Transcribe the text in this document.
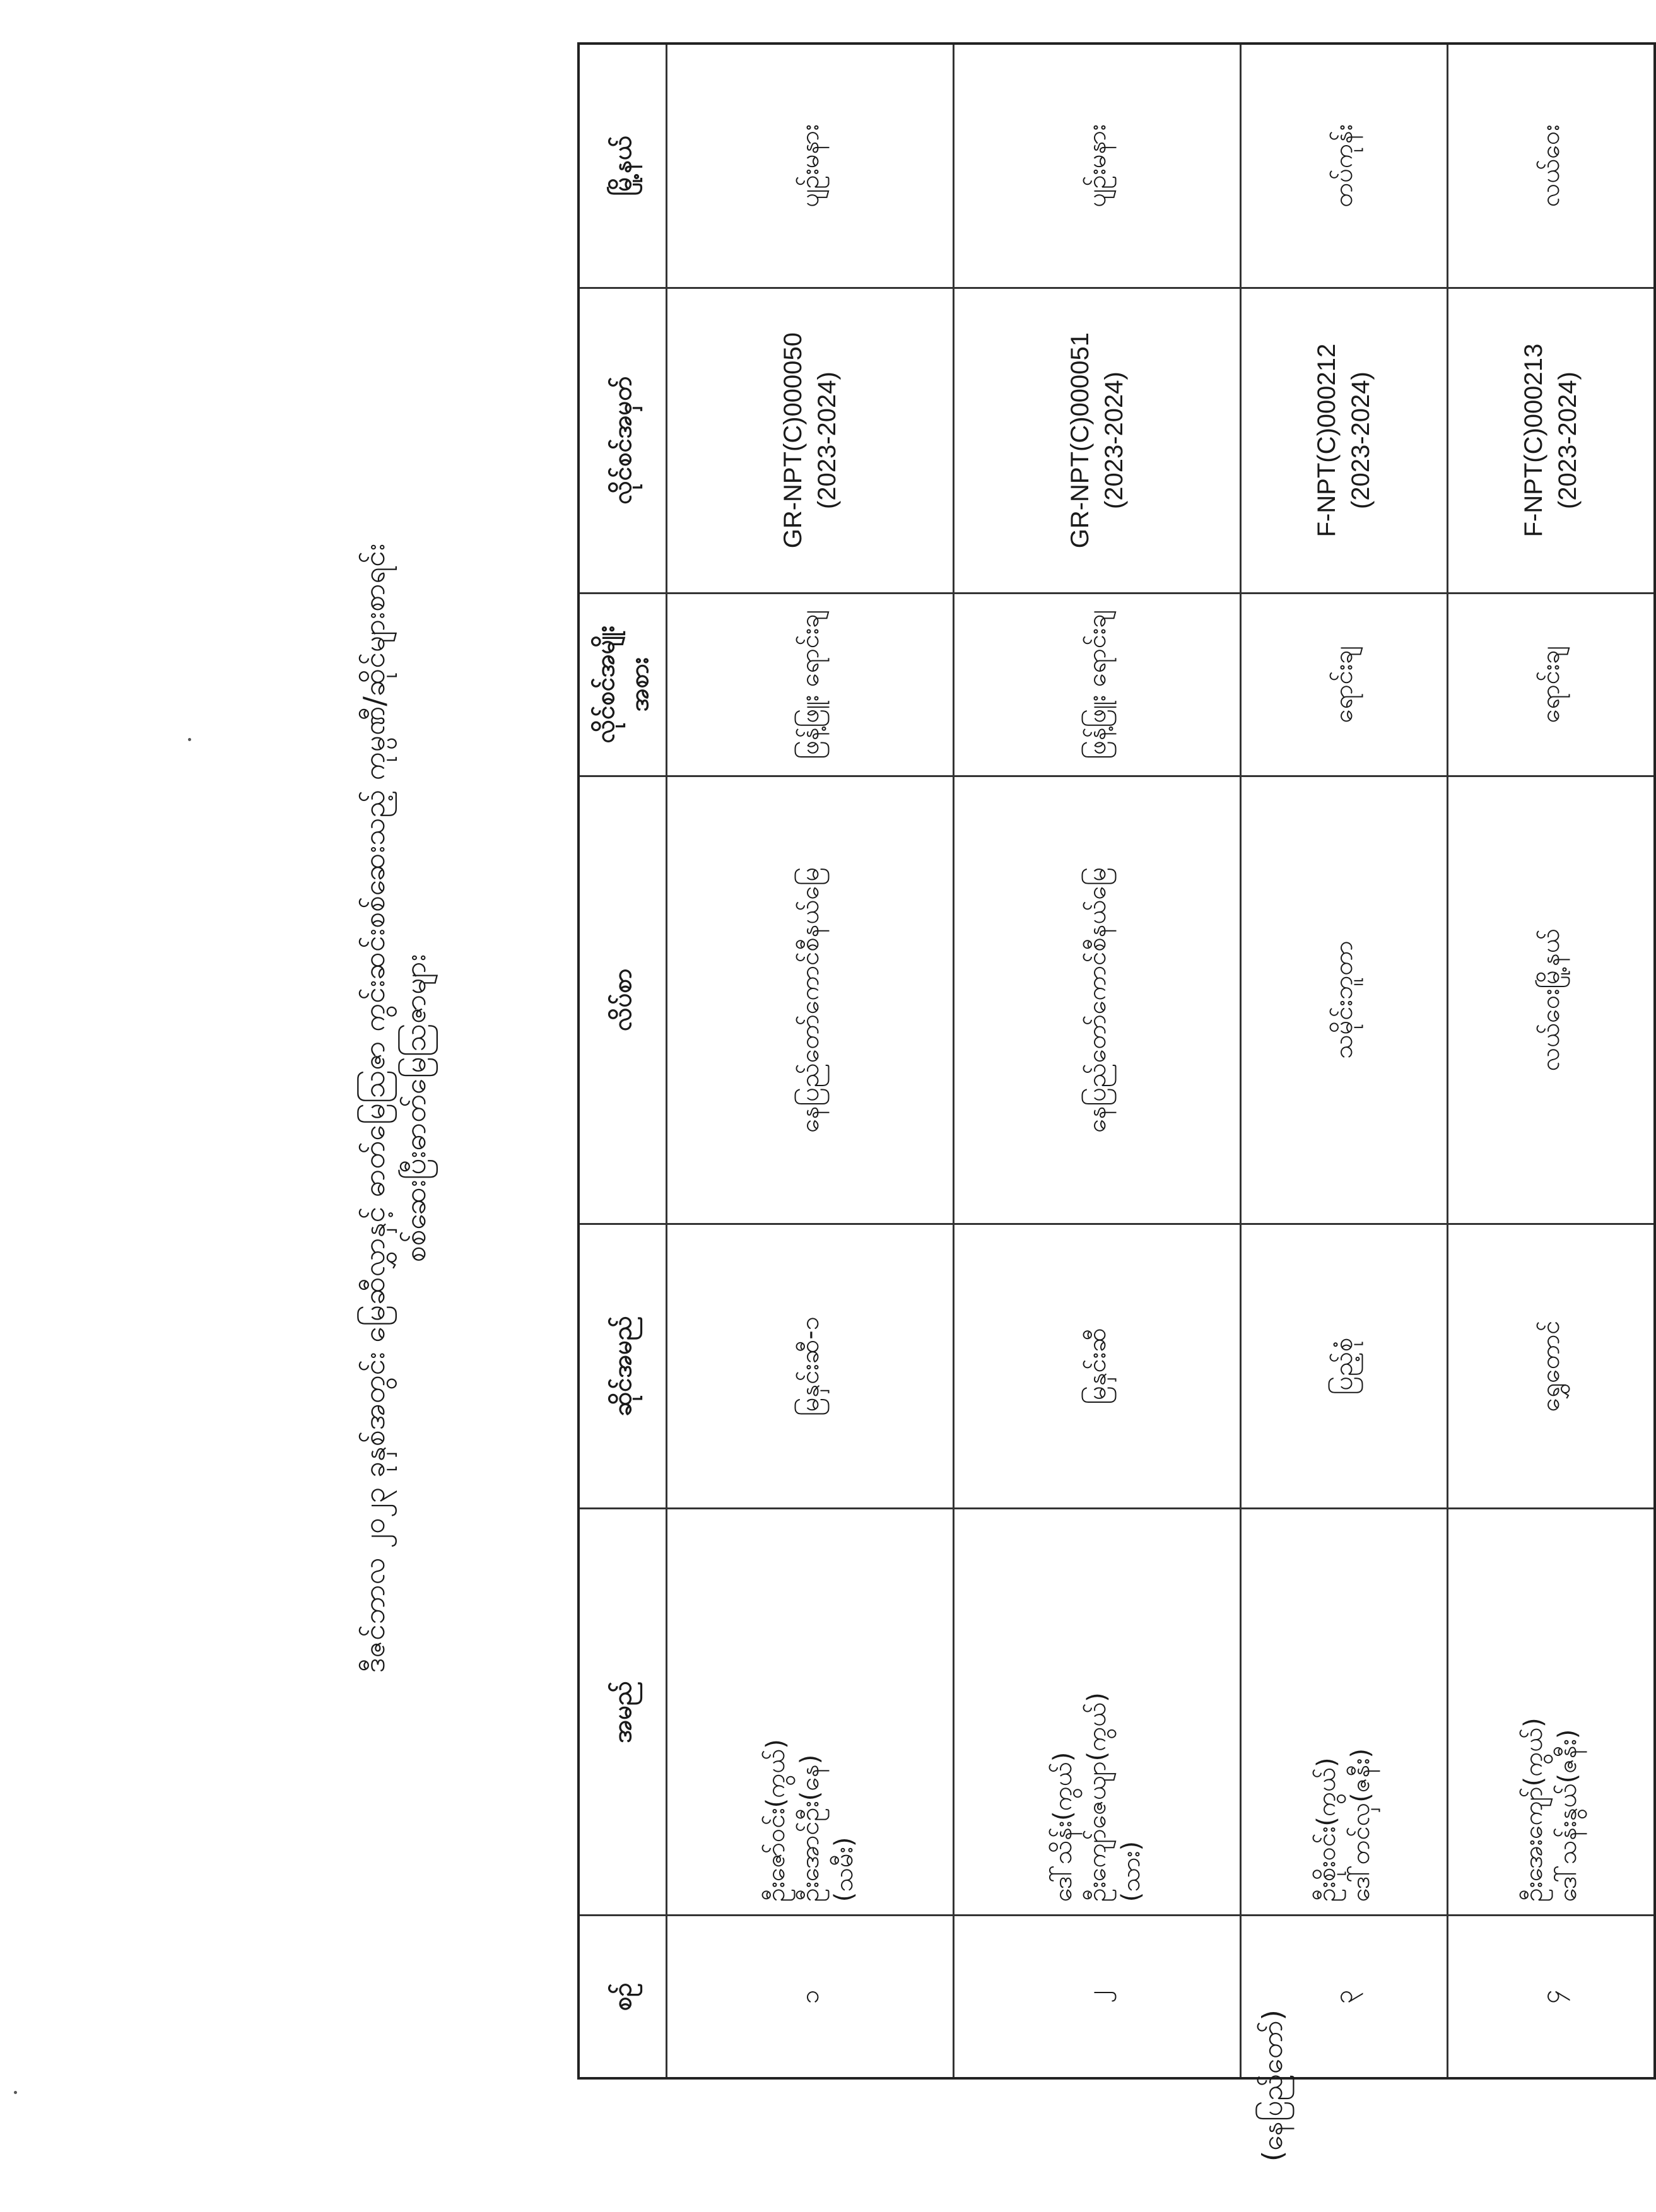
ဒီဇင်ဘာလ ၂၀၂၃ ခုနှစ်အတွင်း မြေဆီလွှာနှင့် ဓာတ်မြေဩဇာ ကွင်းဆင်းစစ်ဆေးသည့် ကုမ္ပဏီ/ဆိုင်များစာရင်း စစ်ဆေးပြီးဓာတ်မြေဩဇာများ
စဉ်	အမည်	ဆိုင်အမည်	လိပ်စာ	လိုင်စင်အမျိုးအစား	လိုင်စင်အမှတ်	မြို့နယ်
၁	ဦးဇော်ဝင်း(ကွယ်) ဦးအောင်ဦး(နေ) (သမီး)	မြနှင်းဆီ-၁	နေပြည်တော်ကောင်စီနယ်မြေ	ဖြန့်ဖြူး ရောင်းချ	GR-NPT(C)000050 (2023-2024)	ပျဉ်းမနား
၂	ဒေါ်သိန်း(ကွယ်) ဦးကျော်ဇေယျာ(ကွယ်) (သား)	မြနှင်းဆီ	နေပြည်တော်ကောင်စီနယ်မြေ	ဖြန့်ဖြူး ရောင်းချ	GR-NPT(C)000051 (2023-2024)	ပျဉ်းမနား
၃	ဦးစိုးဝင်း(ကွယ်) ဒေါ်တင်လှ(ဇနီး)	ပြည့်စုံ	သမိုင်းဘူတာ	ရောင်းချ	F-NPT(C)000212 (2023-2024)	တပ်ကုန်း
၄	ဦးအေးကျော်(ကွယ်) ဒေါ်သန်းနွယ်(ဇနီး)	ရွှေတောင်	လယ်ဝေးမြို့နယ်	ရောင်းချ	F-NPT(C)000213 (2023-2024)	လယ်ဝေး
(နေပြည်တော်)
